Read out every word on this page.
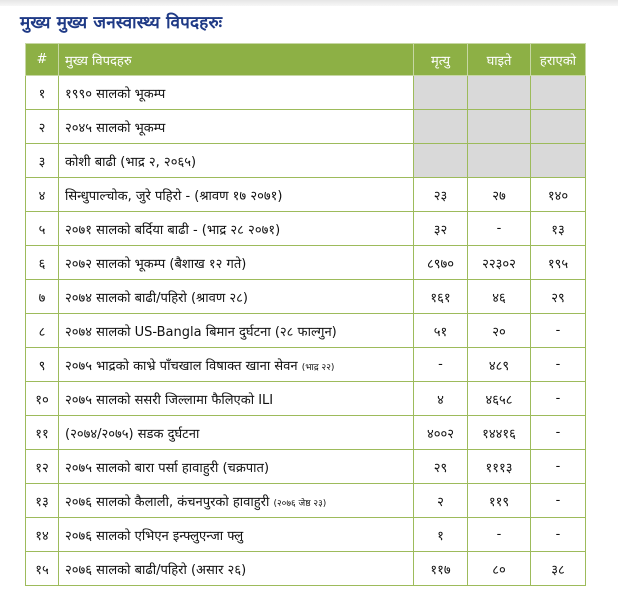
मुख्य मुख्य जनस्वास्थ्य विपदहरुः
#	मुख्य विपदहरु	मृत्यु	घाइते	हराएको
१	१९९० सालको भूकम्प			
२	२०४५ सालको भूकम्प			
३	कोशी बाढी (भाद्र २, २०६५)			
४	सिन्धुपाल्चोक, जुरे पहिरो - (श्रावण १७ २०७१)	२३	२७	१४०
५	२०७१ सालको बर्दिया बाढी - (भाद्र २८ २०७१)	३२	-	१३
६	२०७२ सालको भूकम्प (बैशाख १२ गते)	८९७०	२२३०२	१९५
७	२०७४ सालको बाढी/पहिरो (श्रावण २८)	१६१	४६	२९
८	२०७४ सालको US-Bangla बिमान दुर्घटना (२८ फाल्गुन)	५१	२०	-
९	२०७५ भाद्रको काभ्रे पाँचखाल विषाक्त खाना सेवन (भाद्र २२)	-	४८९	-
१०	२०७५ सालको ससरी जिल्लामा फैलिएको ILI	४	४६५८	-
११	(२०७४/२०७५) सडक दुर्घटना	४००२	१४४१६	-
१२	२०७५ सालको बारा पर्सा हावाहुरी (चक्रपात)	२९	१११३	-
१३	२०७६ सालको कैलाली, कंचनपुरको हावाहुरी (२०७६ जेष्ठ २३)	२	११९	-
१४	२०७६ सालको एभिएन इन्फ्लुएन्जा फ्लु	१	-	-
१५	२०७६ सालको बाढी/पहिरो (असार २६)	११७	८०	३८
